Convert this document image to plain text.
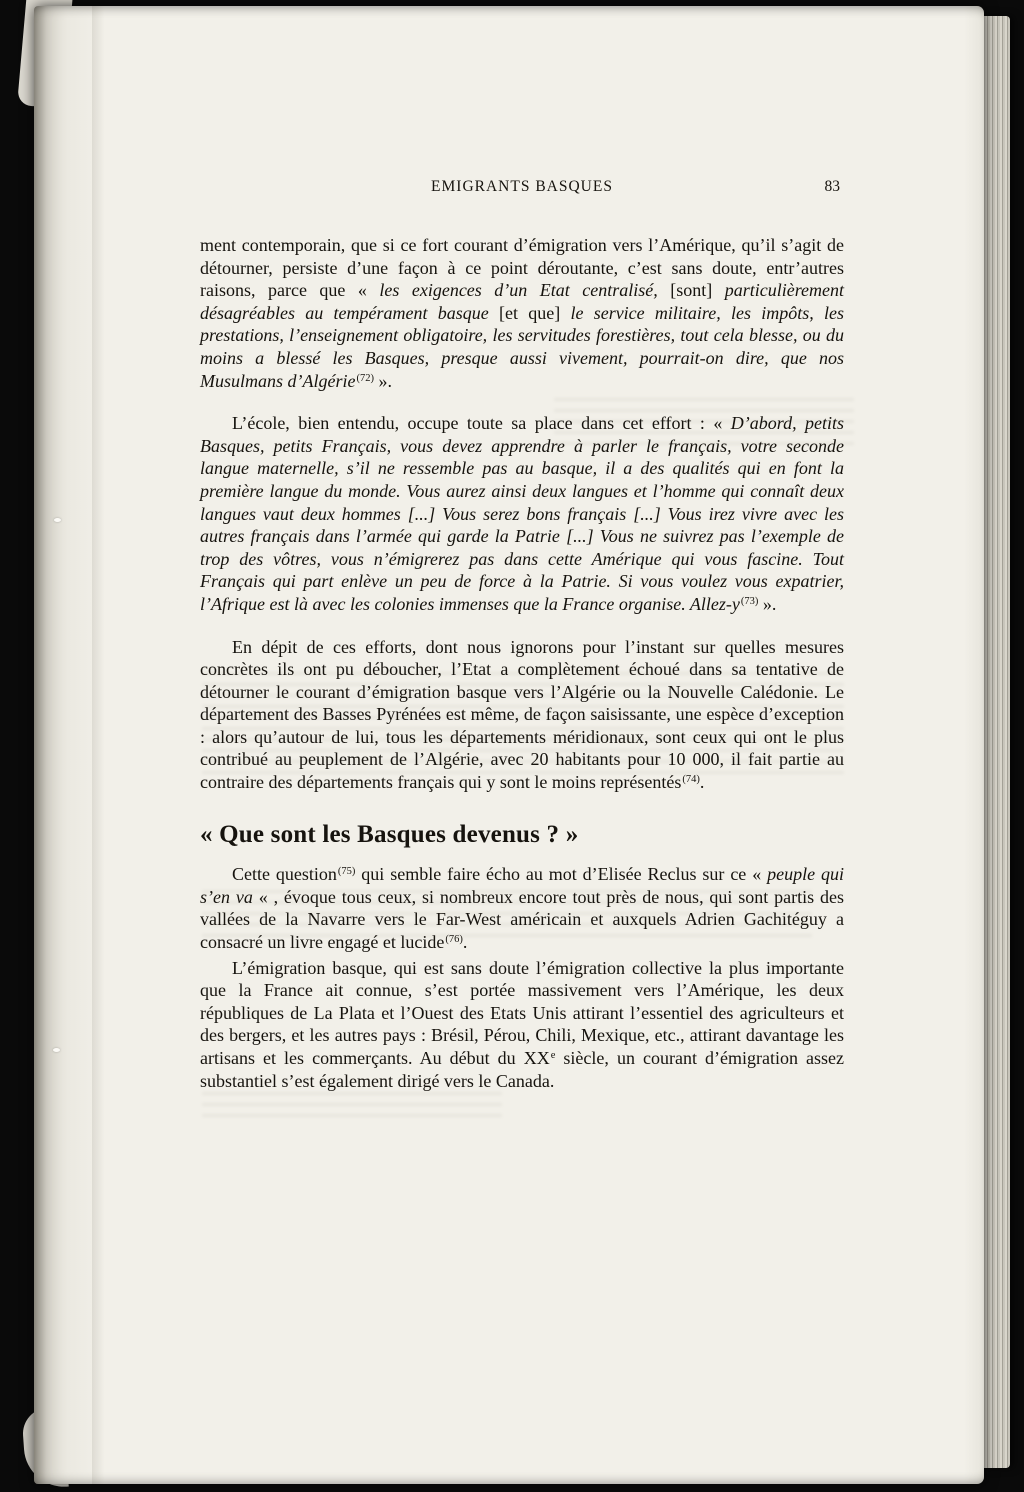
EMIGRANTS BASQUES	83

ment contemporain, que si ce fort courant d’émigration vers l’Amérique, qu’il s’agit de détourner, persiste d’une façon à ce point déroutante, c’est sans doute, entr’autres raisons, parce que « les exigences d’un Etat centralisé, [sont] particulièrement désagréables au tempérament basque [et que] le service militaire, les impôts, les prestations, l’enseignement obligatoire, les servitudes forestières, tout cela blesse, ou du moins a blessé les Basques, presque aussi vivement, pourrait-on dire, que nos Musulmans d’Algérie$^{(72)}$ ».

L’école, bien entendu, occupe toute sa place dans cet effort : « D’abord, petits Basques, petits Français, vous devez apprendre à parler le français, votre seconde langue maternelle, s’il ne ressemble pas au basque, il a des qualités qui en font la première langue du monde. Vous aurez ainsi deux langues et l’homme qui connaît deux langues vaut deux hommes [...] Vous serez bons français [...] Vous irez vivre avec les autres français dans l’armée qui garde la Patrie [...] Vous ne suivrez pas l’exemple de trop des vôtres, vous n’émigrerez pas dans cette Amérique qui vous fascine. Tout Français qui part enlève un peu de force à la Patrie. Si vous voulez vous expatrier, l’Afrique est là avec les colonies immenses que la France organise. Allez-y$^{(73)}$ ».

En dépit de ces efforts, dont nous ignorons pour l’instant sur quelles mesures concrètes ils ont pu déboucher, l’Etat a complètement échoué dans sa tentative de détourner le courant d’émigration basque vers l’Algérie ou la Nouvelle Calédonie. Le département des Basses Pyrénées est même, de façon saisissante, une espèce d’exception : alors qu’autour de lui, tous les départements méridionaux, sont ceux qui ont le plus contribué au peuplement de l’Algérie, avec 20 habitants pour 10 000, il fait partie au contraire des départements français qui y sont le moins représentés$^{(74)}$.

« Que sont les Basques devenus ? »

Cette question$^{(75)}$ qui semble faire écho au mot d’Elisée Reclus sur ce « peuple qui s’en va « , évoque tous ceux, si nombreux encore tout près de nous, qui sont partis des vallées de la Navarre vers le Far-West américain et auxquels Adrien Gachitéguy a consacré un livre engagé et lucide$^{(76)}$.

L’émigration basque, qui est sans doute l’émigration collective la plus importante que la France ait connue, s’est portée massivement vers l’Amérique, les deux républiques de La Plata et l’Ouest des Etats Unis attirant l’essentiel des agriculteurs et des bergers, et les autres pays : Brésil, Pérou, Chili, Mexique, etc., attirant davantage les artisans et les commerçants. Au début du XXe siècle, un courant d’émigration assez substantiel s’est également dirigé vers le Canada.
